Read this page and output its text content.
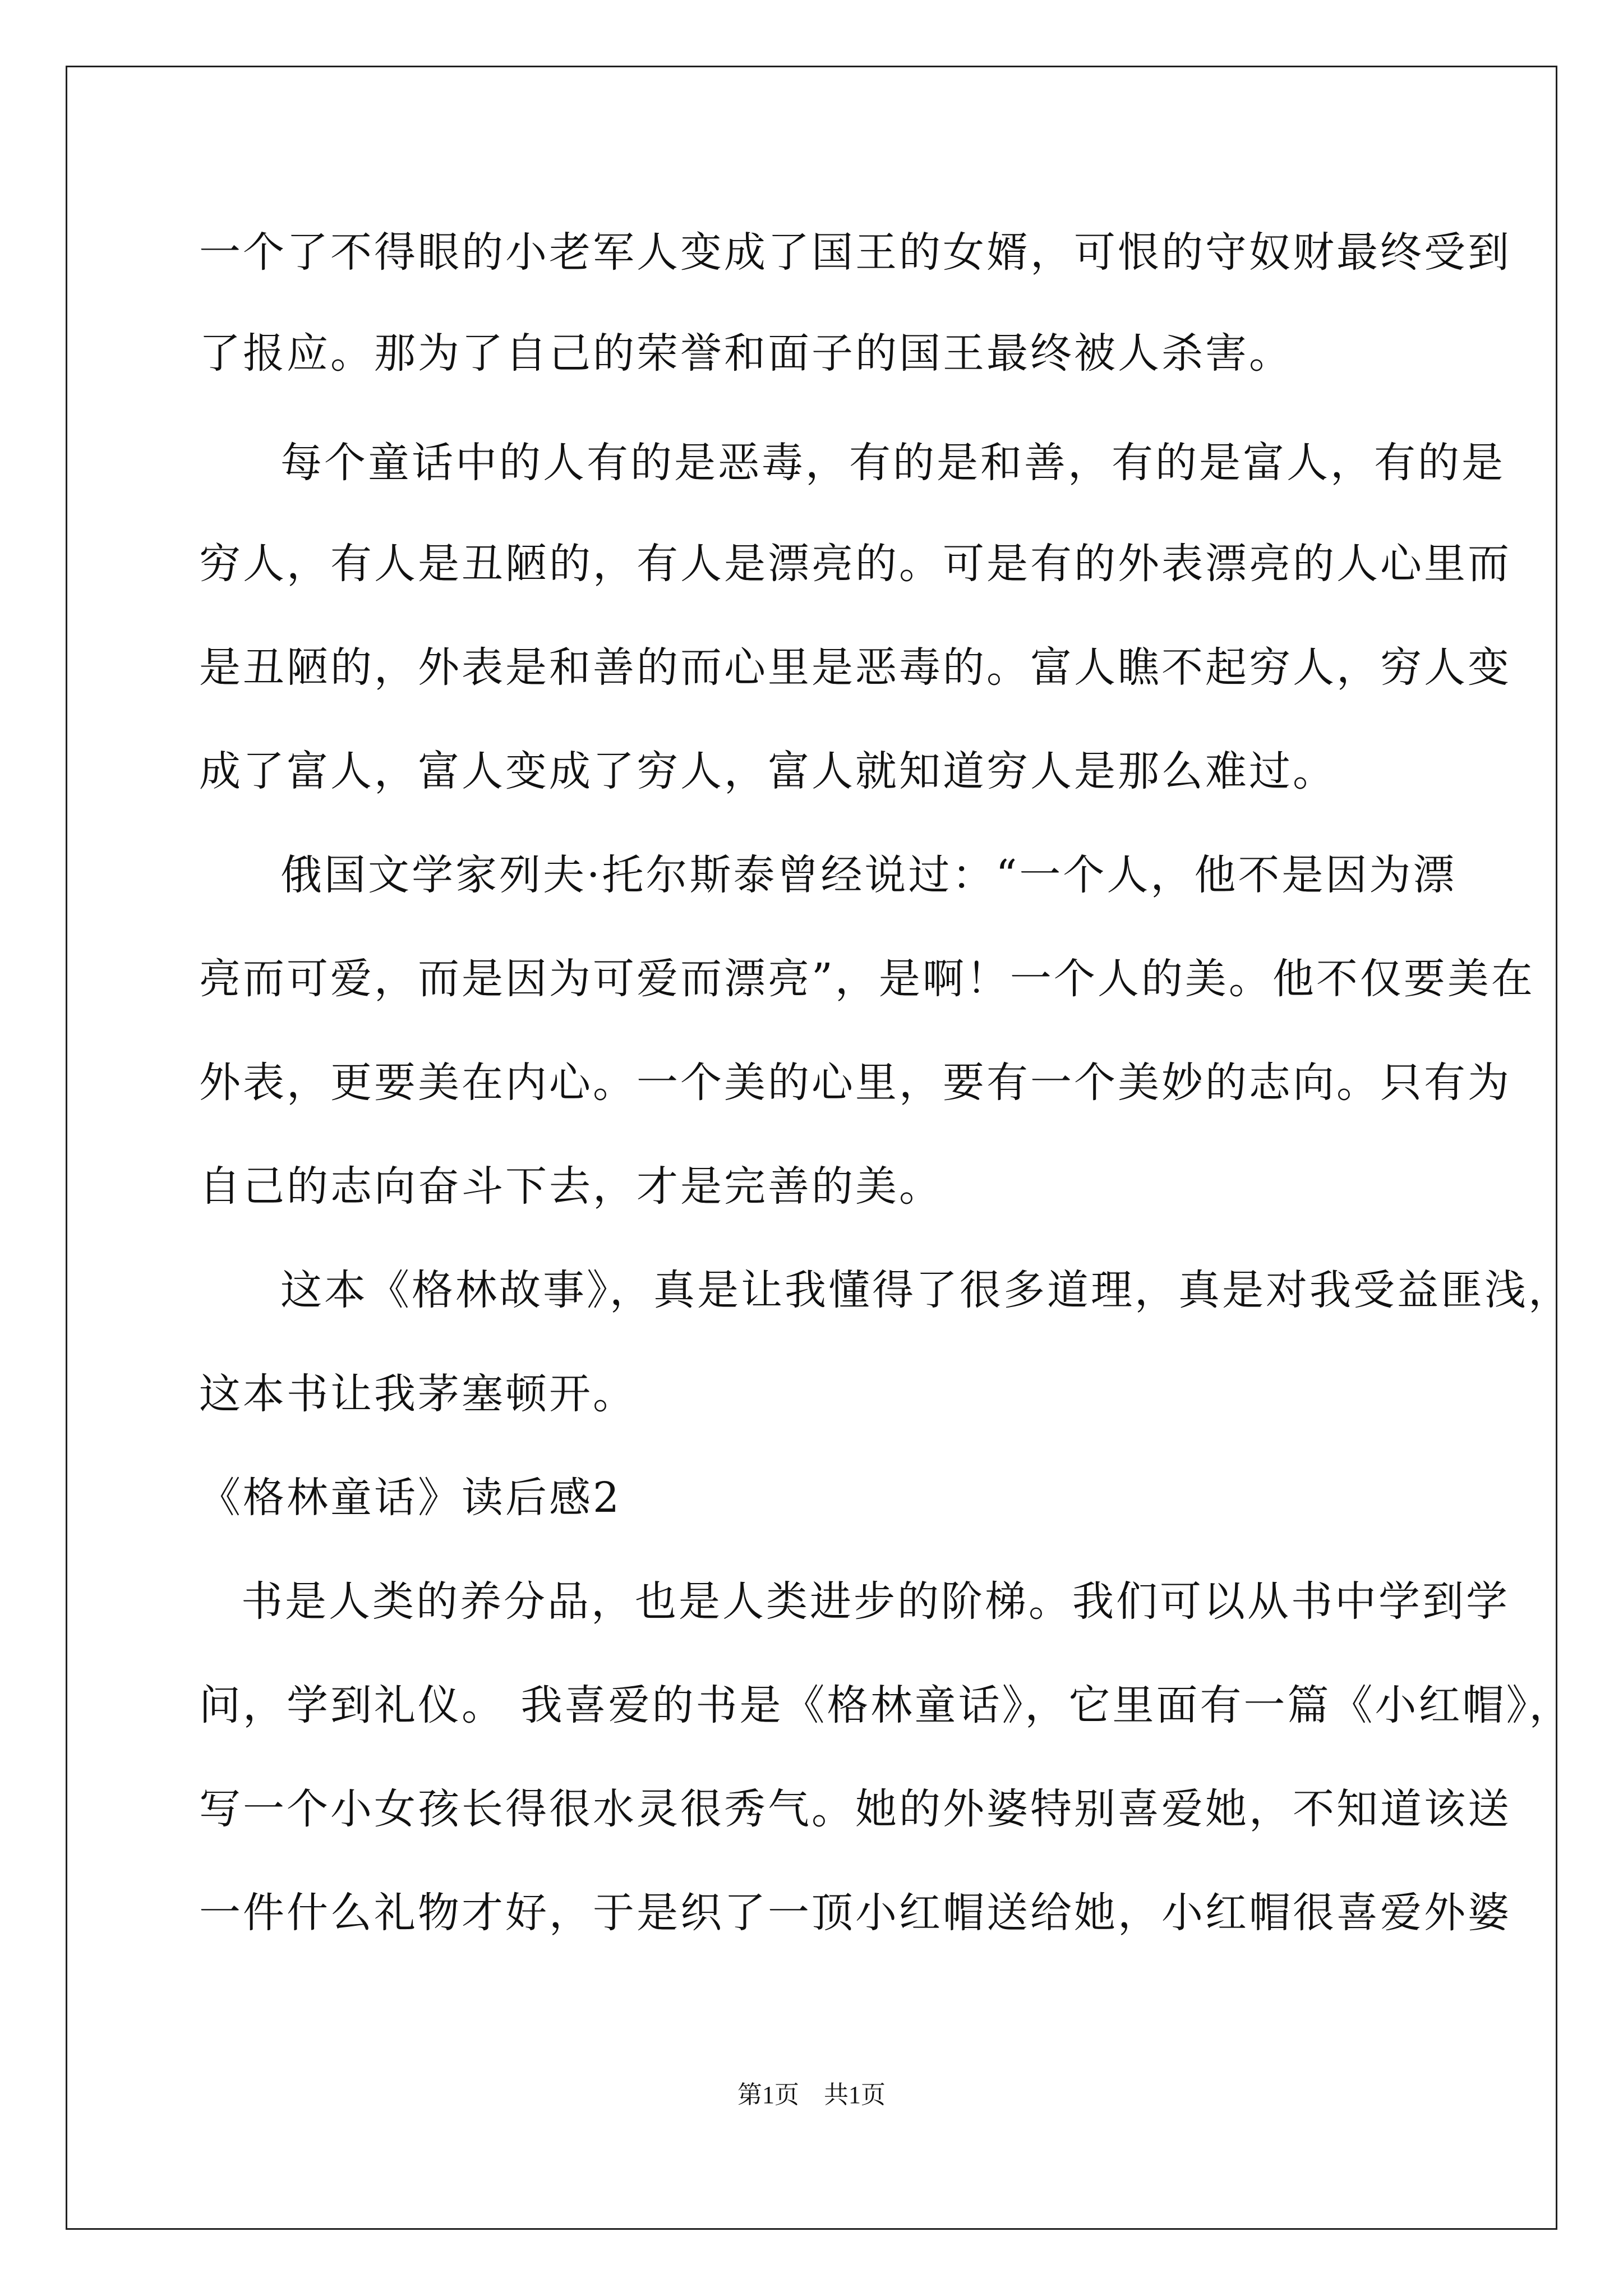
一个了不得眼的小老军人变成了国王的女婿，可恨的守奴财最终受到
了报应。那为了自己的荣誉和面子的国王最终被人杀害。
每个童话中的人有的是恶毒，有的是和善，有的是富人，有的是
穷人，有人是丑陋的，有人是漂亮的。可是有的外表漂亮的人心里而
是丑陋的，外表是和善的而心里是恶毒的。富人瞧不起穷人，穷人变
成了富人，富人变成了穷人，富人就知道穷人是那么难过。
俄国文学家列夫·托尔斯泰曾经说过：“一个人，他不是因为漂
亮而可爱，而是因为可爱而漂亮”，是啊！一个人的美。他不仅要美在
外表，更要美在内心。一个美的心里，要有一个美妙的志向。只有为
自己的志向奋斗下去，才是完善的美。
这本《格林故事》，真是让我懂得了很多道理，真是对我受益匪浅，
这本书让我茅塞顿开。
《格林童话》读后感2
书是人类的养分品，也是人类进步的阶梯。我们可以从书中学到学
问，学到礼仪。 我喜爱的书是《格林童话》，它里面有一篇《小红帽》，
写一个小女孩长得很水灵很秀气。她的外婆特别喜爱她，不知道该送
一件什么礼物才好，于是织了一顶小红帽送给她，小红帽很喜爱外婆
第1页　共1页
